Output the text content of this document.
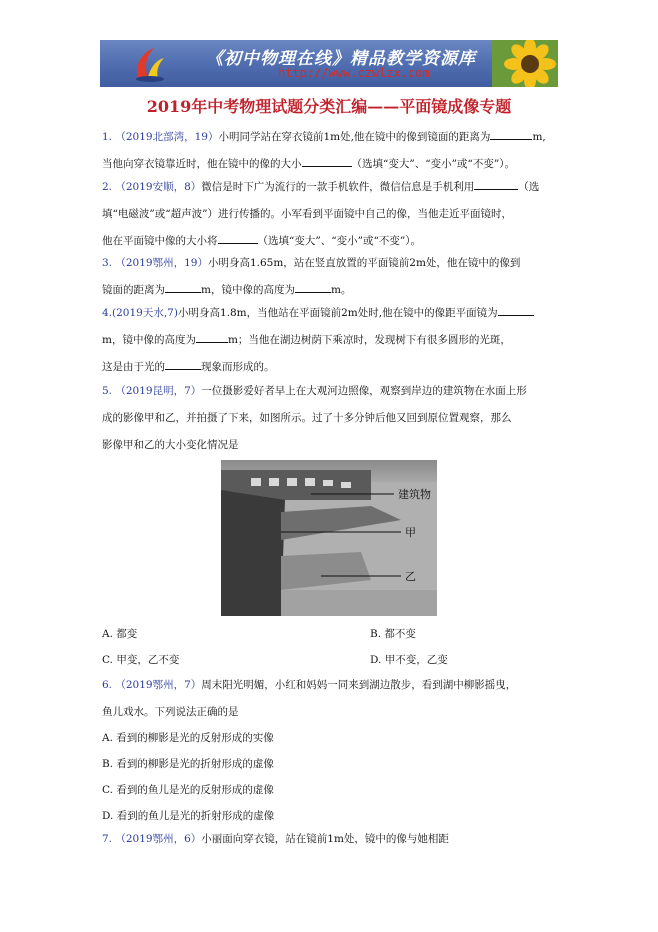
《初中物理在线》精品教学资源库
http://www.czwlzx.com
2019年中考物理试题分类汇编——平面镜成像专题
1. （2019北部湾，19）小明同学站在穿衣镜前1m处,他在镜中的像到镜面的距离为	m,
当他向穿衣镜靠近时，他在镜中的像的大小	（选填“变大”、“变小”或“不变”）。
2. （2019安顺，8）微信是时下广为流行的一款手机软件，微信信息是手机利用	（选
填“电磁波”或“超声波”）进行传播的。小军看到平面镜中自己的像，当他走近平面镜时，
他在平面镜中像的大小将	（选填“变大”、“变小”或“不变”）。
3. （2019鄂州，19）小明身高1.65m，站在竖直放置的平面镜前2m处，他在镜中的像到
镜面的距离为	m，镜中像的高度为	m。
4.(2019天水,7)小明身高1.8m，当他站在平面镜前2m处时,他在镜中的像距平面镜为
m，镜中像的高度为	m；当他在湖边树荫下乘凉时，发现树下有很多圆形的光斑，
这是由于光的	现象而形成的。
5. （2019昆明，7）一位摄影爱好者早上在大观河边照像，观察到岸边的建筑物在水面上形
成的影像甲和乙，并拍摄了下来，如图所示。过了十多分钟后他又回到原位置观察，那么
影像甲和乙的大小变化情况是
建筑物
甲
乙
A. 都变	B. 都不变
C. 甲变，乙不变	D. 甲不变，乙变
6. （2019鄂州，7）周末阳光明媚，小红和妈妈一同来到湖边散步，看到湖中柳影摇曳，
鱼儿戏水。下列说法正确的是
A. 看到的柳影是光的反射形成的实像
B. 看到的柳影是光的折射形成的虚像
C. 看到的鱼儿是光的反射形成的虚像
D. 看到的鱼儿是光的折射形成的虚像
7. （2019鄂州，6）小丽面向穿衣镜，站在镜前1m处，镜中的像与她相距
